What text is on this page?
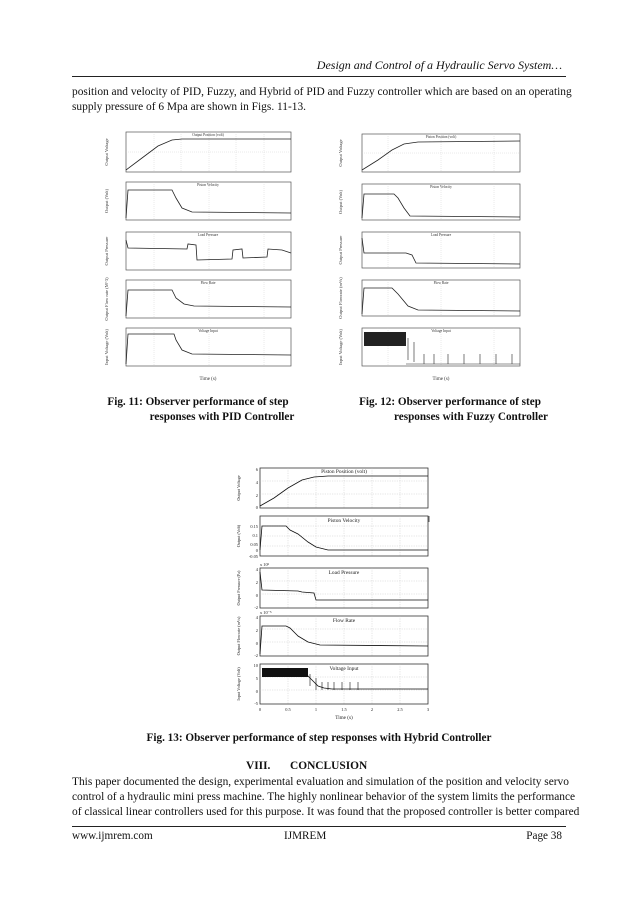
Design and Control of a Hydraulic Servo System…
position and velocity of PID, Fuzzy, and Hybrid of PID and Fuzzy controller which are based on an operating
supply pressure of 6 Mpa are shown in Figs. 11-13.
Output Position (volt)
Piston Velocity
Load Pressure
Flow Rate
Voltage Input
Output Voltage
Output (Volt)
Output Pressure
Output Flow rate (M^3)
Input Voltage (Volt)
Time (s)
Piston Position (volt)
Piston Velocity
Load Pressure
Flow Rate
Voltage Input
Output Voltage
Output (Volt)
Output Pressure
Output Flowrate (m³/s)
Input Voltage (Volt)
Time (s)
Fig. 11: Observer performance of step
responses with PID Controller
Fig. 12: Observer performance of step
responses with Fuzzy Controller
Piston Position (volt)
Piston Velocity
Load Pressure
Flow Rate
Voltage Input
x 10⁶
x 10⁻⁵
6
4
2
0
0.15
0.1
0.05
0
-0.05
4
2
0
-2
4
2
0
-2
10
5
0
-5
0	0.5	1	1.5	2	2.5	3
Time (s)
Output Voltage
Output (Volt)
Output Pressure (Pa)
Output Flowrate (m³/s)
Input Voltage (Volt)
Fig. 13: Observer performance of step responses with Hybrid Controller
VIII. CONCLUSION
This paper documented the design, experimental evaluation and simulation of the position and velocity servo
control of a hydraulic mini press machine. The highly nonlinear behavior of the system limits the performance
of classical linear controllers used for this purpose. It was found that the proposed controller is better compared
www.ijmrem.com	IJMREM	Page 38
